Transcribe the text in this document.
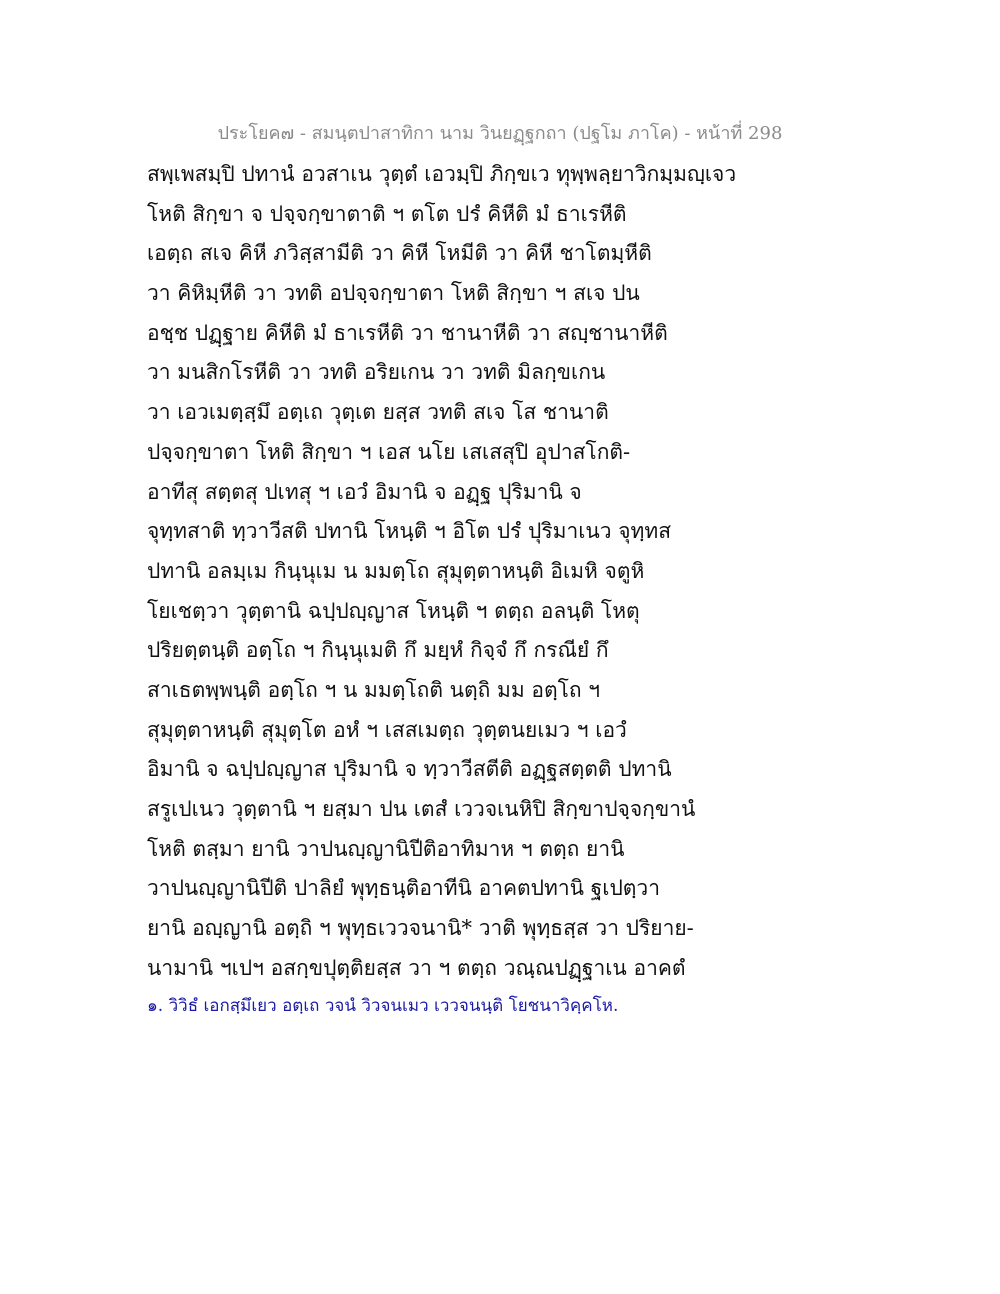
ประโยค๗ - สมนฺตปาสาทิกา นาม วินยฏฺฐกถา (ปฐโม ภาโค) - หน้าที่ 298
สพฺเพสมฺปิ ปทานํ อวสาเน วุตฺตํ เอวมฺปิ ภิกฺขเว ทุพฺพลฺยาวิกมฺมญฺเจว
โหติ สิกฺขา จ ปจฺจกฺขาตาติ ฯ ตโต ปรํ คิหีติ มํ ธาเรหีติ
เอตฺถ สเจ คิหี ภวิสฺสามีติ วา คิหี โหมีติ วา คิหี ชาโตมฺหีติ
วา คิหิมฺหีติ วา วทติ อปจฺจกฺขาตา โหติ สิกฺขา ฯ สเจ ปน
อชฺช ปฏฺฐาย คิหีติ มํ ธาเรหีติ วา ชานาหีติ วา สญฺชานาหีติ
วา มนสิกโรหีติ วา วทติ อริยเกน วา วทติ มิลกฺขเกน
วา เอวเมตฺสฺมึ อตฺเถ วุตฺเต ยสฺส วทติ สเจ โส ชานาติ
ปจฺจกฺขาตา โหติ สิกฺขา ฯ เอส นโย เสเสสุปิ อุปาสโกติ-
อาทีสุ สตฺตสุ ปเทสุ ฯ เอวํ อิมานิ จ อฏฺฐ ปุริมานิ จ
จุทฺทสาติ ทฺวาวีสติ ปทานิ โหนฺติ ฯ อิโต ปรํ ปุริมาเนว จุทฺทส
ปทานิ อลมฺเม กินฺนุเม น มมตฺโถ สุมุตฺตาหนฺติ อิเมหิ จตูหิ
โยเชตฺวา วุตฺตานิ ฉปฺปญฺญาส โหนฺติ ฯ ตตฺถ อลนฺติ โหตุ
ปริยตฺตนฺติ อตฺโถ ฯ กินฺนุเมติ กึ มยฺหํ กิจฺจํ กึ กรณียํ กึ
สาเธตพฺพนฺติ อตฺโถ ฯ น มมตฺโถติ นตฺถิ มม อตฺโถ ฯ
สุมุตฺตาหนฺติ สุมุตฺโต อหํ ฯ เสสเมตฺถ วุตฺตนยเมว ฯ เอวํ
อิมานิ จ ฉปฺปญฺญาส ปุริมานิ จ ทฺวาวีสตีติ อฏฺฐสตฺตติ ปทานิ
สรูเปเนว วุตฺตานิ ฯ ยสฺมา ปน เตสํ เววจเนหิปิ สิกฺขาปจฺจกฺขานํ
โหติ ตสฺมา ยานิ วาปนญฺญานิปีติอาทิมาห ฯ ตตฺถ ยานิ
วาปนญฺญานิปีติ ปาลิยํ พุทฺธนฺติอาทีนิ อาคตปทานิ ฐเปตฺวา
ยานิ อญฺญานิ อตฺถิ ฯ พุทฺธเววจนานิ* วาติ พุทฺธสฺส วา ปริยาย-
นามานิ ฯเปฯ อสกฺขปุตฺติยสฺส วา ฯ ตตฺถ วณฺณปฏฺฐาเน อาคตํ
๑. วิวิธํ เอกสฺมึเยว อตฺเถ วจนํ วิวจนเมว เววจนนฺติ โยชนาวิคฺคโห.
